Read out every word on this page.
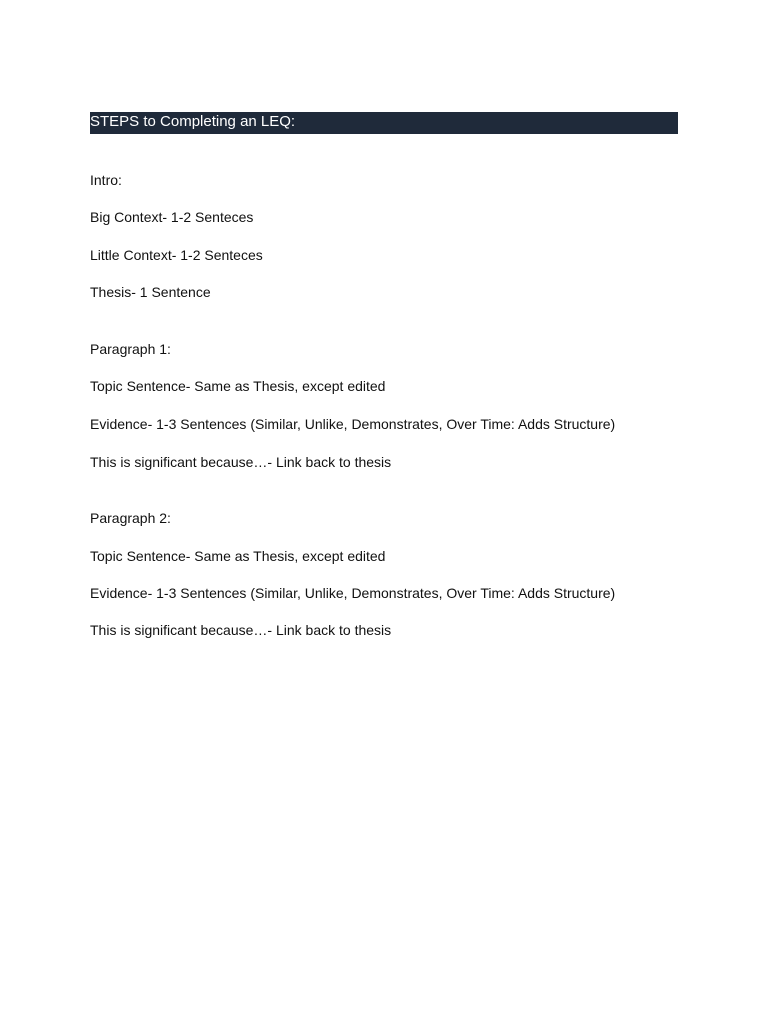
STEPS to Completing an LEQ:
Intro:
Big Context- 1-2 Senteces
Little Context- 1-2 Senteces
Thesis- 1 Sentence
Paragraph 1:
Topic Sentence- Same as Thesis, except edited
Evidence- 1-3 Sentences (Similar, Unlike, Demonstrates, Over Time: Adds Structure)
This is significant because…- Link back to thesis
Paragraph 2:
Topic Sentence- Same as Thesis, except edited
Evidence- 1-3 Sentences (Similar, Unlike, Demonstrates, Over Time: Adds Structure)
This is significant because…- Link back to thesis
